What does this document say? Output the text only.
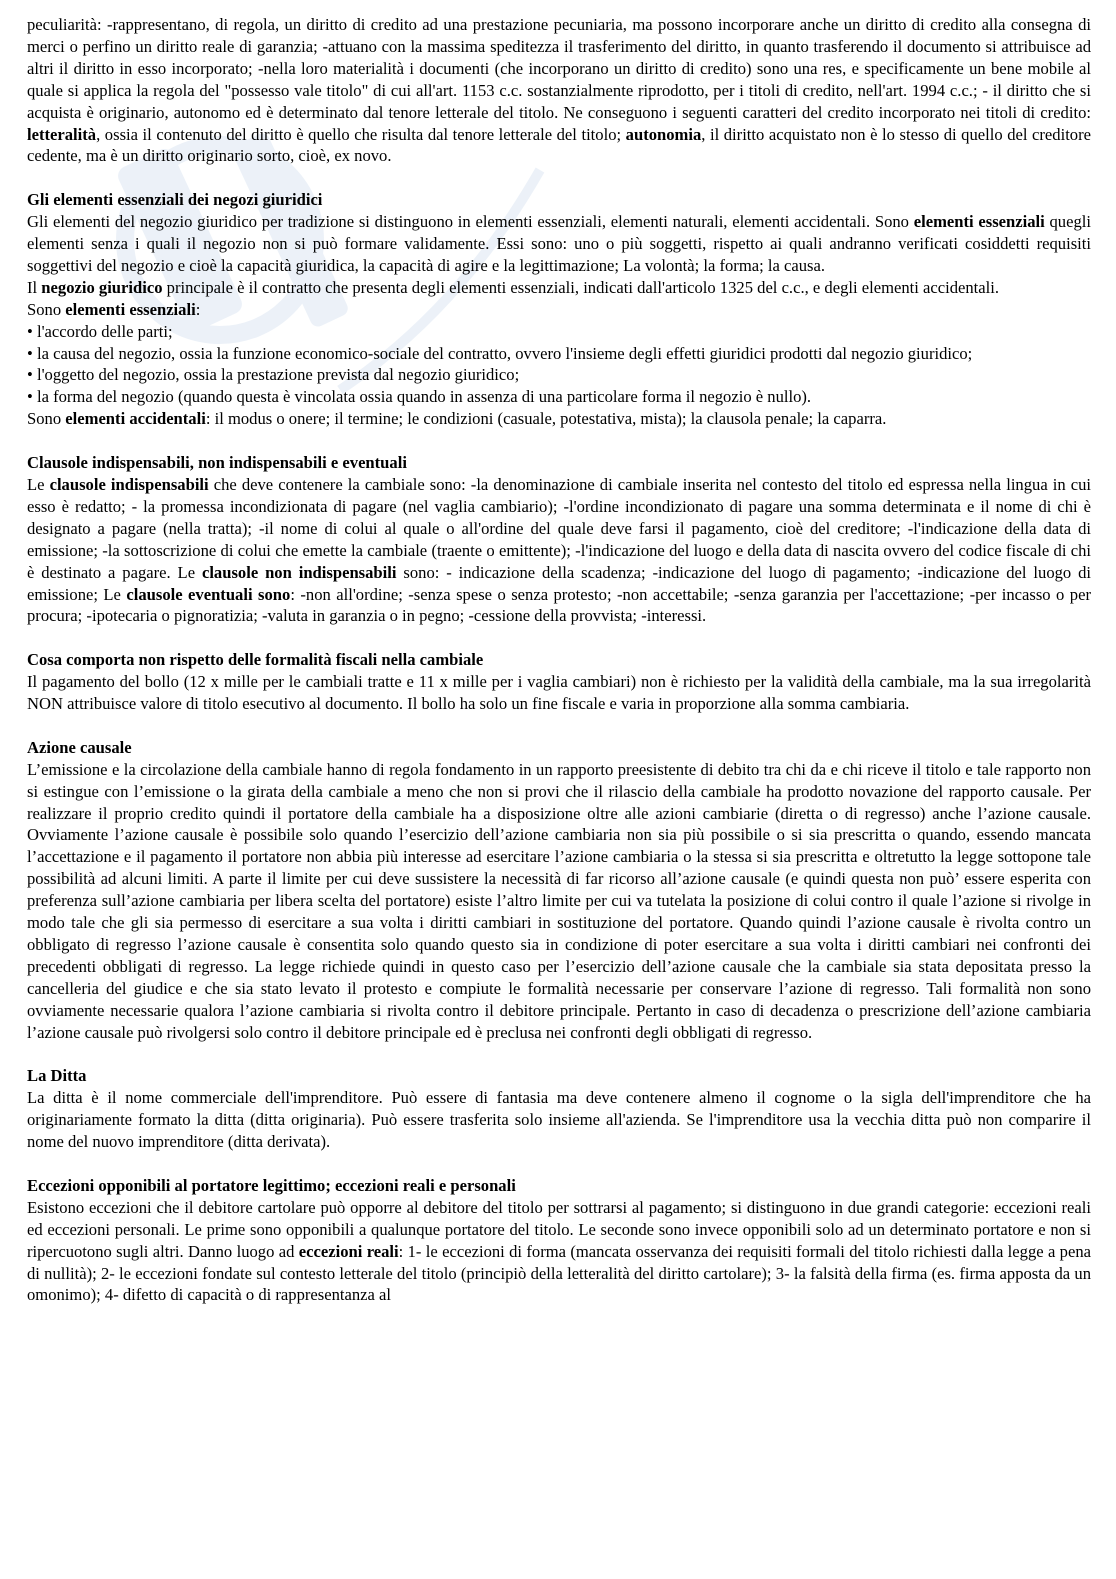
peculiarità: -rappresentano, di regola, un diritto di credito ad una prestazione pecuniaria, ma possono incorporare anche un diritto di credito alla consegna di merci o perfino un diritto reale di garanzia; -attuano con la massima speditezza il trasferimento del diritto, in quanto trasferendo il documento si attribuisce ad altri il diritto in esso incorporato; -nella loro materialità i documenti (che incorporano un diritto di credito) sono una res, e specificamente un bene mobile al quale si applica la regola del "possesso vale titolo" di cui all'art. 1153 c.c. sostanzialmente riprodotto, per i titoli di credito, nell'art. 1994 c.c.; - il diritto che si acquista è originario, autonomo ed è determinato dal tenore letterale del titolo. Ne conseguono i seguenti caratteri del credito incorporato nei titoli di credito: letteralità, ossia il contenuto del diritto è quello che risulta dal tenore letterale del titolo; autonomia, il diritto acquistato non è lo stesso di quello del creditore cedente, ma è un diritto originario sorto, cioè, ex novo.

Gli elementi essenziali dei negozi giuridici

Gli elementi del negozio giuridico per tradizione si distinguono in elementi essenziali, elementi naturali, elementi accidentali. Sono elementi essenziali quegli elementi senza i quali il negozio non si può formare validamente. Essi sono: uno o più soggetti, rispetto ai quali andranno verificati cosiddetti requisiti soggettivi del negozio e cioè la capacità giuridica, la capacità di agire e la legittimazione; La volontà; la forma; la causa.

Il negozio giuridico principale è il contratto che presenta degli elementi essenziali, indicati dall'articolo 1325 del c.c., e degli elementi accidentali.

Sono elementi essenziali:

• l'accordo delle parti;
• la causa del negozio, ossia la funzione economico-sociale del contratto, ovvero l'insieme degli effetti giuridici prodotti dal negozio giuridico;
• l'oggetto del negozio, ossia la prestazione prevista dal negozio giuridico;
• la forma del negozio (quando questa è vincolata ossia quando in assenza di una particolare forma il negozio è nullo).

Sono elementi accidentali: il modus o onere; il termine; le condizioni (casuale, potestativa, mista); la clausola penale; la caparra.

Clausole indispensabili, non indispensabili e eventuali

Le clausole indispensabili che deve contenere la cambiale sono: -la denominazione di cambiale inserita nel contesto del titolo ed espressa nella lingua in cui esso è redatto; - la promessa incondizionata di pagare (nel vaglia cambiario); -l'ordine incondizionato di pagare una somma determinata e il nome di chi è designato a pagare (nella tratta); -il nome di colui al quale o all'ordine del quale deve farsi il pagamento, cioè del creditore; -l'indicazione della data di emissione; -la sottoscrizione di colui che emette la cambiale (traente o emittente); -l'indicazione del luogo e della data di nascita ovvero del codice fiscale di chi è destinato a pagare. Le clausole non indispensabili sono: - indicazione della scadenza; -indicazione del luogo di pagamento; -indicazione del luogo di emissione; Le clausole eventuali sono: -non all'ordine; -senza spese o senza protesto; -non accettabile; -senza garanzia per l'accettazione; -per incasso o per procura; -ipotecaria o pignoratizia; -valuta in garanzia o in pegno; -cessione della provvista; -interessi.

Cosa comporta non rispetto delle formalità fiscali nella cambiale

Il pagamento del bollo (12 x mille per le cambiali tratte e 11 x mille per i vaglia cambiari) non è richiesto per la validità della cambiale, ma la sua irregolarità NON attribuisce valore di titolo esecutivo al documento. Il bollo ha solo un fine fiscale e varia in proporzione alla somma cambiaria.

Azione causale

L’emissione e la circolazione della cambiale hanno di regola fondamento in un rapporto preesistente di debito tra chi da e chi riceve il titolo e tale rapporto non si estingue con l’emissione o la girata della cambiale a meno che non si provi che il rilascio della cambiale ha prodotto novazione del rapporto causale. Per realizzare il proprio credito quindi il portatore della cambiale ha a disposizione oltre alle azioni cambiarie (diretta o di regresso) anche l’azione causale. Ovviamente l’azione causale è possibile solo quando l’esercizio dell’azione cambiaria non sia più possibile o si sia prescritta o quando, essendo mancata l’accettazione e il pagamento il portatore non abbia più interesse ad esercitare l’azione cambiaria o la stessa si sia prescritta e oltretutto la legge sottopone tale possibilità ad alcuni limiti. A parte il limite per cui deve sussistere la necessità di far ricorso all’azione causale (e quindi questa non può’ essere esperita con preferenza sull’azione cambiaria per libera scelta del portatore) esiste l’altro limite per cui va tutelata la posizione di colui contro il quale l’azione si rivolge in modo tale che gli sia permesso di esercitare a sua volta i diritti cambiari in sostituzione del portatore. Quando quindi l’azione causale è rivolta contro un obbligato di regresso l’azione causale è consentita solo quando questo sia in condizione di poter esercitare a sua volta i diritti cambiari nei confronti dei precedenti obbligati di regresso. La legge richiede quindi in questo caso per l’esercizio dell’azione causale che la cambiale sia stata depositata presso la cancelleria del giudice e che sia stato levato il protesto e compiute le formalità necessarie per conservare l’azione di regresso. Tali formalità non sono ovviamente necessarie qualora l’azione cambiaria si rivolta contro il debitore principale. Pertanto in caso di decadenza o prescrizione dell’azione cambiaria l’azione causale può rivolgersi solo contro il debitore principale ed è preclusa nei confronti degli obbligati di regresso.

La Ditta

La ditta è il nome commerciale dell'imprenditore. Può essere di fantasia ma deve contenere almeno il cognome o la sigla dell'imprenditore che ha originariamente formato la ditta (ditta originaria). Può essere trasferita solo insieme all'azienda. Se l'imprenditore usa la vecchia ditta può non comparire il nome del nuovo imprenditore (ditta derivata).

Eccezioni opponibili al portatore legittimo; eccezioni reali e personali

Esistono eccezioni che il debitore cartolare può opporre al debitore del titolo per sottrarsi al pagamento; si distinguono in due grandi categorie: eccezioni reali ed eccezioni personali. Le prime sono opponibili a qualunque portatore del titolo. Le seconde sono invece opponibili solo ad un determinato portatore e non si ripercuotono sugli altri. Danno luogo ad eccezioni reali: 1- le eccezioni di forma (mancata osservanza dei requisiti formali del titolo richiesti dalla legge a pena di nullità); 2- le eccezioni fondate sul contesto letterale del titolo (principiò della letteralità del diritto cartolare); 3- la falsità della firma (es. firma apposta da un omonimo); 4- difetto di capacità o di rappresentanza al
